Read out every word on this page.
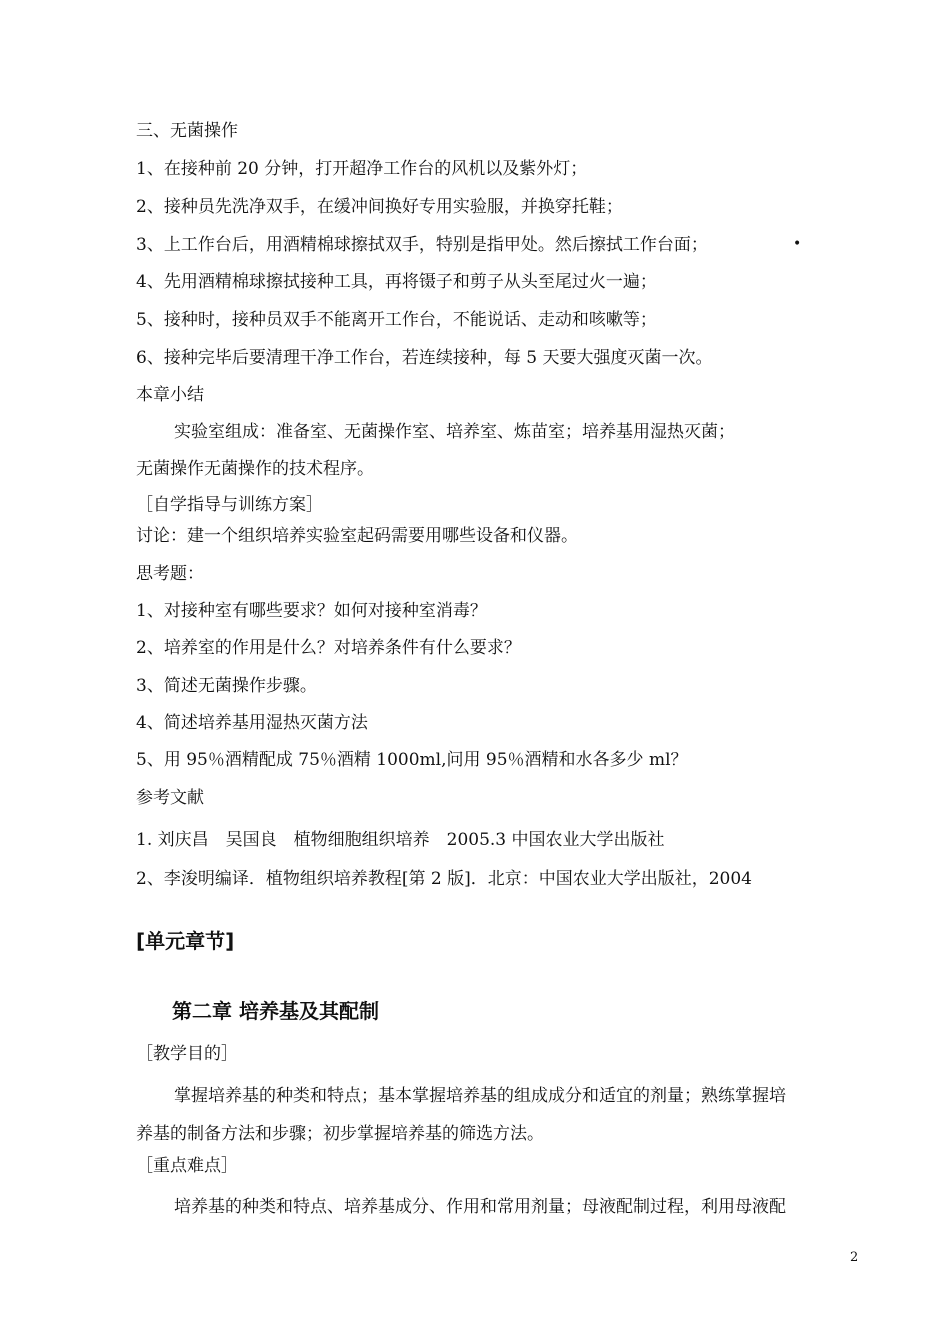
三、无菌操作
1、在接种前 20 分钟，打开超净工作台的风机以及紫外灯；
2、接种员先洗净双手，在缓冲间换好专用实验服，并换穿托鞋；
3、上工作台后，用酒精棉球擦拭双手，特别是指甲处。然后擦拭工作台面；	•
4、先用酒精棉球擦拭接种工具，再将镊子和剪子从头至尾过火一遍；
5、接种时，接种员双手不能离开工作台，不能说话、走动和咳嗽等；
6、接种完毕后要清理干净工作台，若连续接种，每 5 天要大强度灭菌一次。
本章小结
实验室组成：准备室、无菌操作室、培养室、炼苗室；培养基用湿热灭菌；
无菌操作无菌操作的技术程序。
［自学指导与训练方案］
讨论：建一个组织培养实验室起码需要用哪些设备和仪器。
思考题：
1、对接种室有哪些要求？如何对接种室消毒？
2、培养室的作用是什么？对培养条件有什么要求？
3、简述无菌操作步骤。
4、简述培养基用湿热灭菌方法
5、用 95％酒精配成 75％酒精 1000ml,问用 95％酒精和水各多少 ml？
参考文献
1. 刘庆昌　吴国良　植物细胞组织培养　2005.3 中国农业大学出版社
2、李浚明编译．植物组织培养教程[第 2 版]．北京：中国农业大学出版社，2004
[单元章节]
第二章 培养基及其配制
［教学目的］
掌握培养基的种类和特点；基本掌握培养基的组成成分和适宜的剂量；熟练掌握培
养基的制备方法和步骤；初步掌握培养基的筛选方法。
［重点难点］
培养基的种类和特点、培养基成分、作用和常用剂量；母液配制过程，利用母液配
2
